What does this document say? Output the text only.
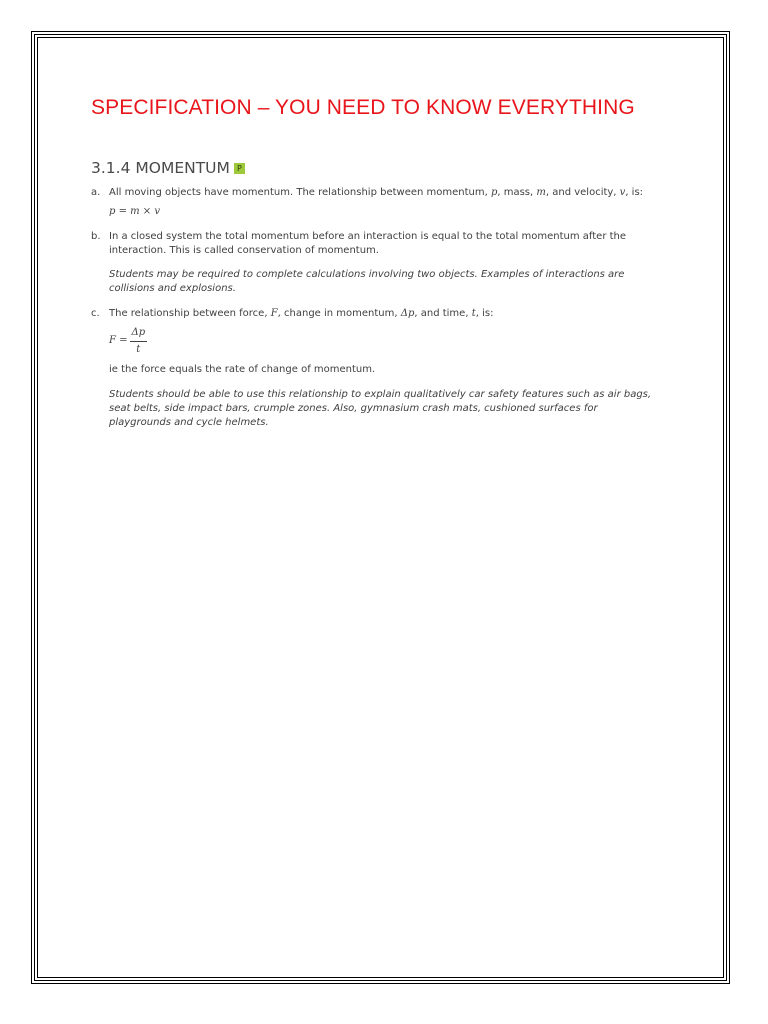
SPECIFICATION – YOU NEED TO KNOW EVERYTHING
3.1.4 MOMENTUM P
a. All moving objects have momentum. The relationship between momentum, p, mass, m, and velocity, v, is:
p = m × v
b. In a closed system the total momentum before an interaction is equal to the total momentum after the interaction. This is called conservation of momentum.
Students may be required to complete calculations involving two objects. Examples of interactions are collisions and explosions.
c. The relationship between force, F, change in momentum, Δp, and time, t, is:
$F = \frac{\Delta p}{t}$
ie the force equals the rate of change of momentum.
Students should be able to use this relationship to explain qualitatively car safety features such as air bags, seat belts, side impact bars, crumple zones. Also, gymnasium crash mats, cushioned surfaces for playgrounds and cycle helmets.
